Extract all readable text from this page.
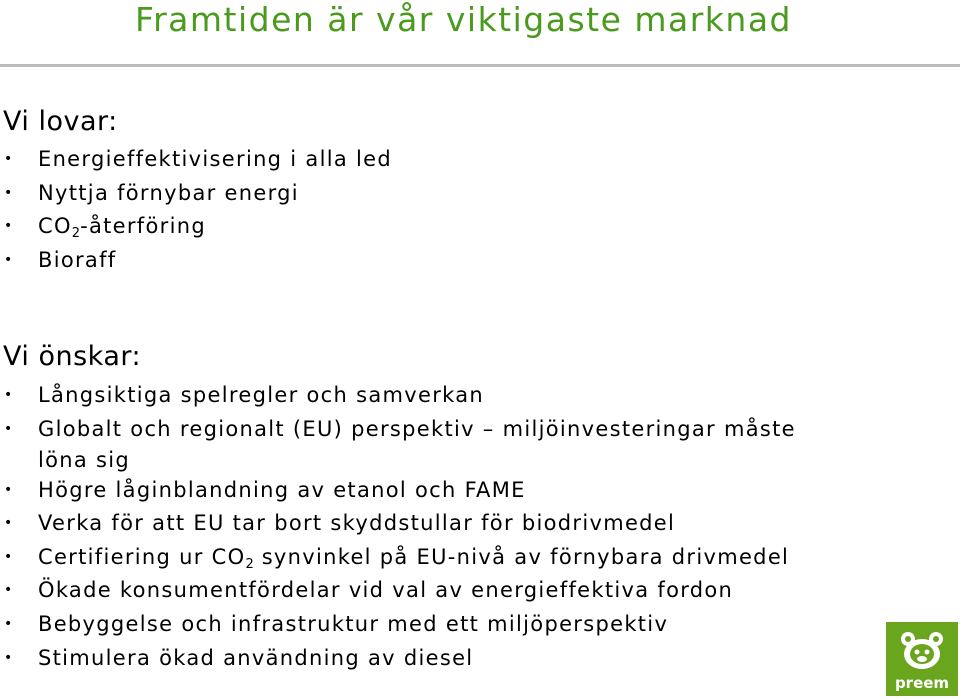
Framtiden är vår viktigaste marknad
Vi lovar:
• Energieffektivisering i alla led
• Nyttja förnybar energi
• $CO_2$-återföring
• Bioraff
Vi önskar:
• Långsiktiga spelregler och samverkan
• Globalt och regionalt (EU) perspektiv – miljöinvesteringar måste
löna sig
• Högre låginblandning av etanol och FAME
• Verka för att EU tar bort skyddstullar för biodrivmedel
• Certifiering ur $CO_2$ synvinkel på EU-nivå av förnybara drivmedel
• Ökade konsumentfördelar vid val av energieffektiva fordon
• Bebyggelse och infrastruktur med ett miljöperspektiv
• Stimulera ökad användning av diesel
preem
